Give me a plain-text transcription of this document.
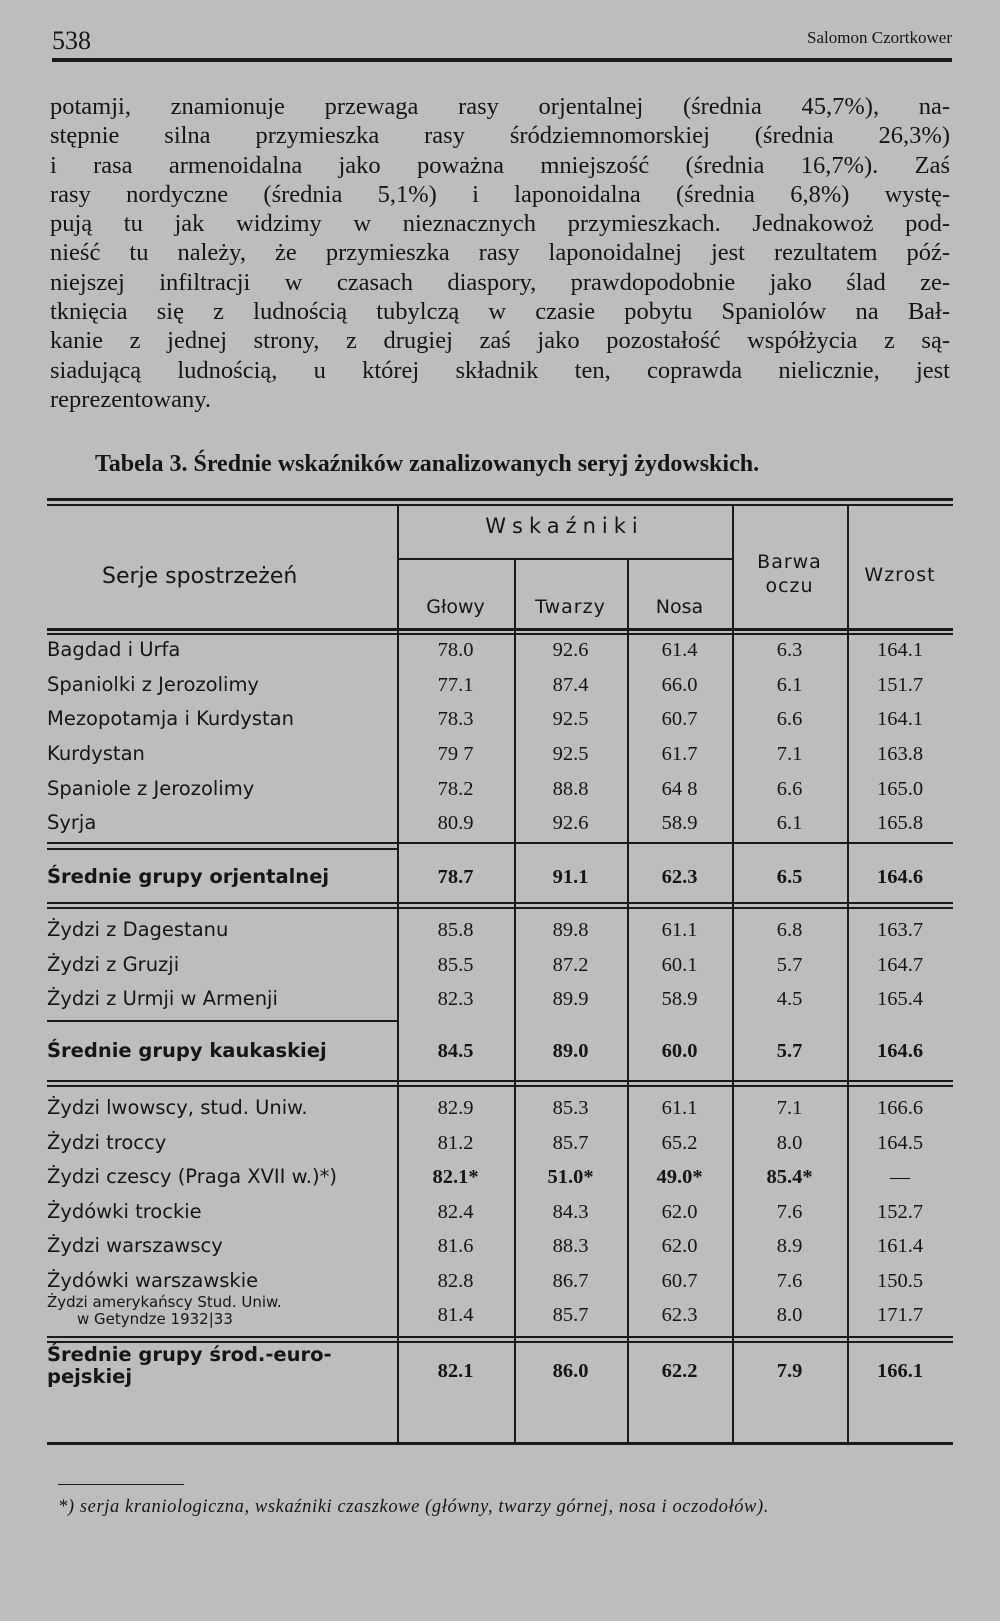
538	Salomon Czortkower
potamji, znamionuje przewaga rasy orjentalnej (średnia 45,7%), na-
stępnie silna przymieszka rasy śródziemnomorskiej (średnia 26,3%)
i rasa armenoidalna jako poważna mniejszość (średnia 16,7%). Zaś
rasy nordyczne (średnia 5,1%) i laponoidalna (średnia 6,8%) wystę-
pują tu jak widzimy w nieznacznych przymieszkach. Jednakowoż pod-
nieść tu należy, że przymieszka rasy laponoidalnej jest rezultatem póź-
niejszej infiltracji w czasach diaspory, prawdopodobnie jako ślad ze-
tknięcia się z ludnością tubylczą w czasie pobytu Spaniolów na Bał-
kanie z jednej strony, z drugiej zaś jako pozostałość współżycia z są-
siadującą ludnością, u której składnik ten, coprawda nielicznie, jest
reprezentowany.
Tabela 3. Średnie wskaźników zanalizowanych seryj żydowskich.
Serje spostrzeżeń
Wskaźniki
Głowy	Twarzy	Nosa
Barwa oczu	Wzrost
Bagdad i Urfa	78.0	92.6	61.4	6.3	164.1
Spaniolki z Jerozolimy	77.1	87.4	66.0	6.1	151.7
Mezopotamja i Kurdystan	78.3	92.5	60.7	6.6	164.1
Kurdystan	79 7	92.5	61.7	7.1	163.8
Spaniole z Jerozolimy	78.2	88.8	64 8	6.6	165.0
Syrja	80.9	92.6	58.9	6.1	165.8
Średnie grupy orjentalnej	78.7	91.1	62.3	6.5	164.6
Żydzi z Dagestanu	85.8	89.8	61.1	6.8	163.7
Żydzi z Gruzji	85.5	87.2	60.1	5.7	164.7
Żydzi z Urmji w Armenji	82.3	89.9	58.9	4.5	165.4
Średnie grupy kaukaskiej	84.5	89.0	60.0	5.7	164.6
Żydzi lwowscy, stud. Uniw.	82.9	85.3	61.1	7.1	166.6
Żydzi troccy	81.2	85.7	65.2	8.0	164.5
Żydzi czescy (Praga XVII w.)*)	82.1*	51.0*	49.0*	85.4*	—
Żydówki trockie	82.4	84.3	62.0	7.6	152.7
Żydzi warszawscy	81.6	88.3	62.0	8.9	161.4
Żydówki warszawskie	82.8	86.7	60.7	7.6	150.5
Żydzi amerykańscy Stud. Uniw.
w Getyndze 1932|33	81.4	85.7	62.3	8.0	171.7
Średnie grupy środ.-euro-
pejskiej	82.1	86.0	62.2	7.9	166.1
*) serja kraniologiczna, wskaźniki czaszkowe (główny, twarzy górnej, nosa i oczodołów).
